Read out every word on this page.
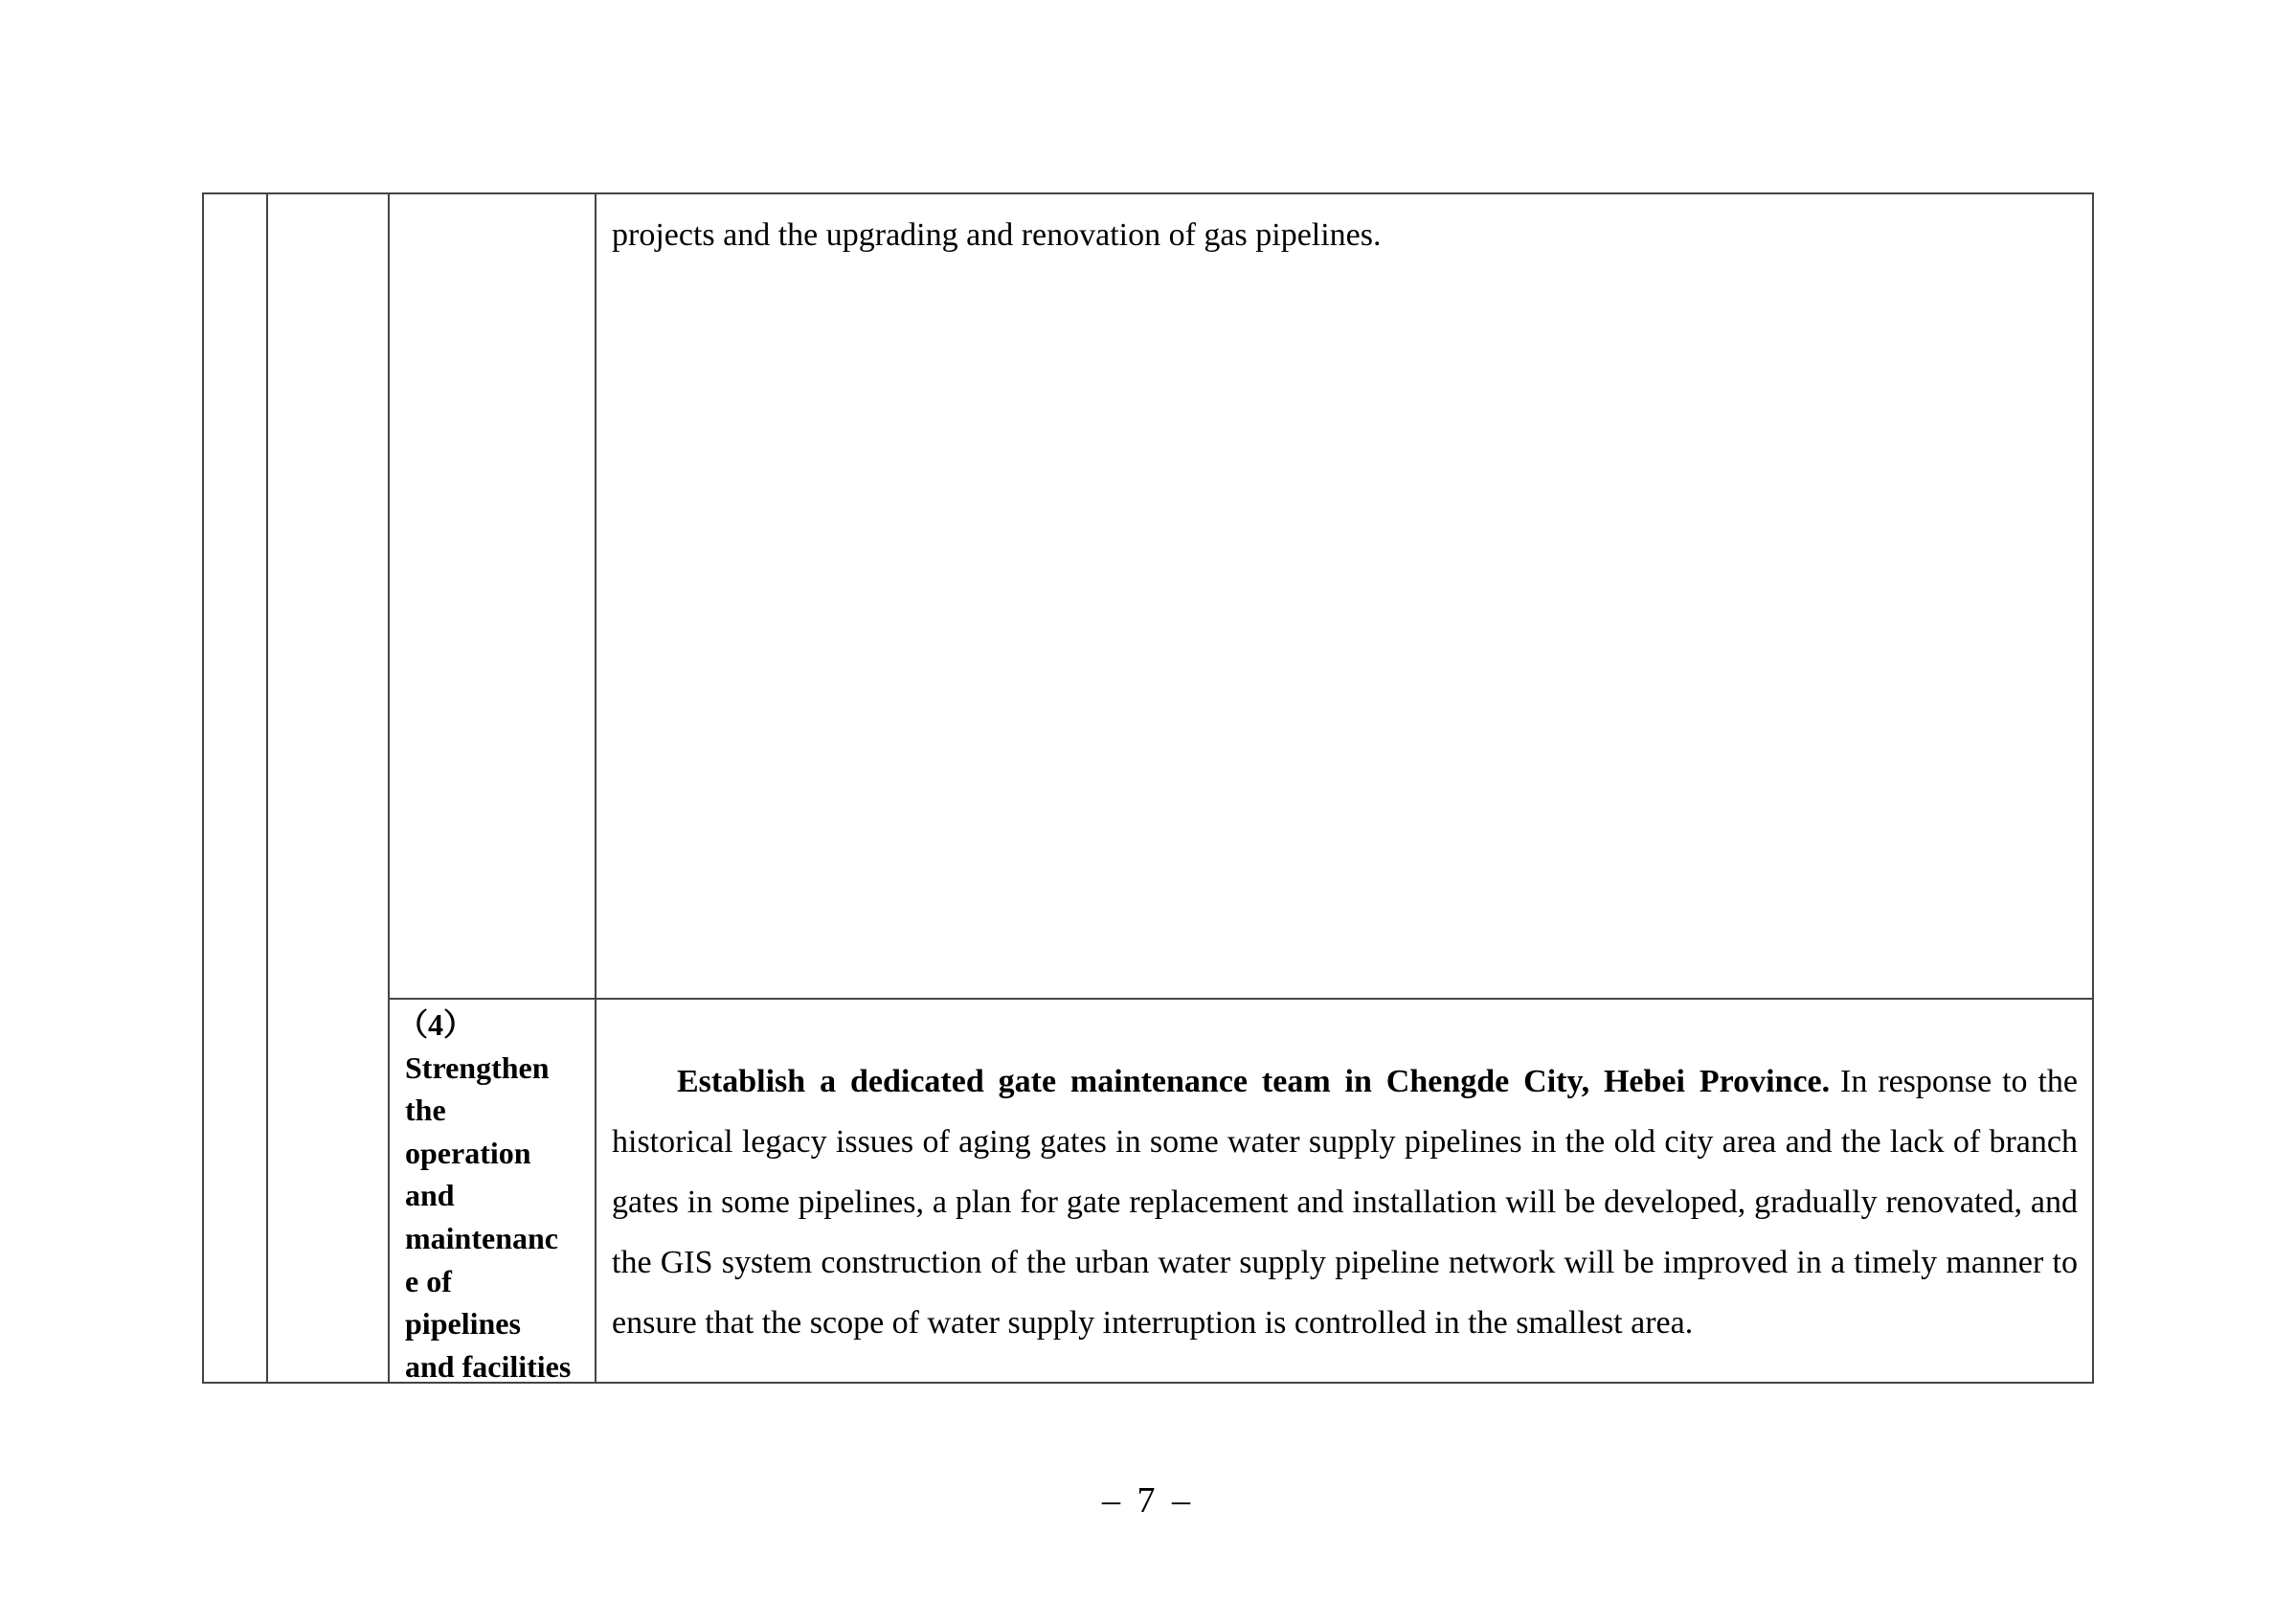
projects and the upgrading and renovation of gas pipelines.
（4）
Strengthen
the
operation
and
maintenanc
e of
pipelines
and facilities
Establish a dedicated gate maintenance team in Chengde City, Hebei Province. In response to the historical legacy issues of aging gates in some water supply pipelines in the old city area and the lack of branch gates in some pipelines, a plan for gate replacement and installation will be developed, gradually renovated, and the GIS system construction of the urban water supply pipeline network will be improved in a timely manner to ensure that the scope of water supply interruption is controlled in the smallest area.
– 7 –
